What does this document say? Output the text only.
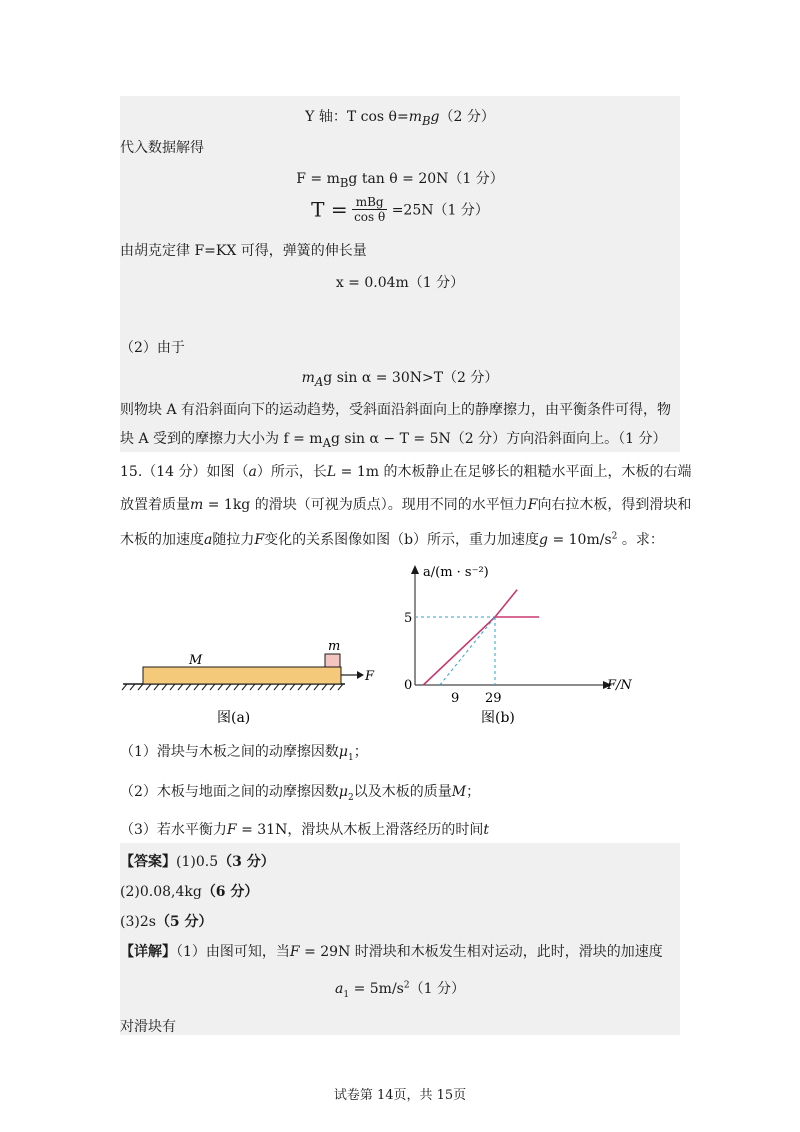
Y 轴：T $\cos \theta=m_Bg(2$ 分）
代入数据解得
$F = m_Bg$ tan θ = 20N（1 分）
$T = \frac{\text{mBg}}{\text{cos θ}} =25N(1$ 分）
由胡克定律 F=KX 可得，弹簧的伸长量
x = 0.04m（1 分）
（2）由于
$m_Ag$ sin α = 30N>T（2 分）
则物块 A 有沿斜面向下的运动趋势，受斜面沿斜面向上的静摩擦力，由平衡条件可得，物
块 A 受到的摩擦力大小为 $f = m_Ag$ sin α − T = 5N（2 分）方向沿斜面向上。（1 分）
15.（14 分）如图（a）所示，长L = 1m 的木板静止在足够长的粗糙水平面上，木板的右端
放置着质量m = 1kg 的滑块（可视为质点）。现用不同的水平恒力F向右拉木板，得到滑块和
木板的加速度a随拉力F变化的关系图像如图（b）所示，重力加速度$g = 10m/s^2$ 。求：
M
m
F
图(a)
a/(m · s⁻²)
F/N
0
5
9 29
图(b)
（1）滑块与木板之间的动摩擦因数$\mu_1$；
（2）木板与地面之间的动摩擦因数$\mu_2$以及木板的质量M；
（3）若水平衡力F = 31N，滑块从木板上滑落经历的时间t
【答案】(1)0.5（3 分）
(2)0.08,4kg（6 分）
(3)2s（5 分）
【详解】（1）由图可知，当F = 29N 时滑块和木板发生相对运动，此时，滑块的加速度
$a_1 = 5m/s^2(1$ 分）
对滑块有
试卷第 14页，共 15页
